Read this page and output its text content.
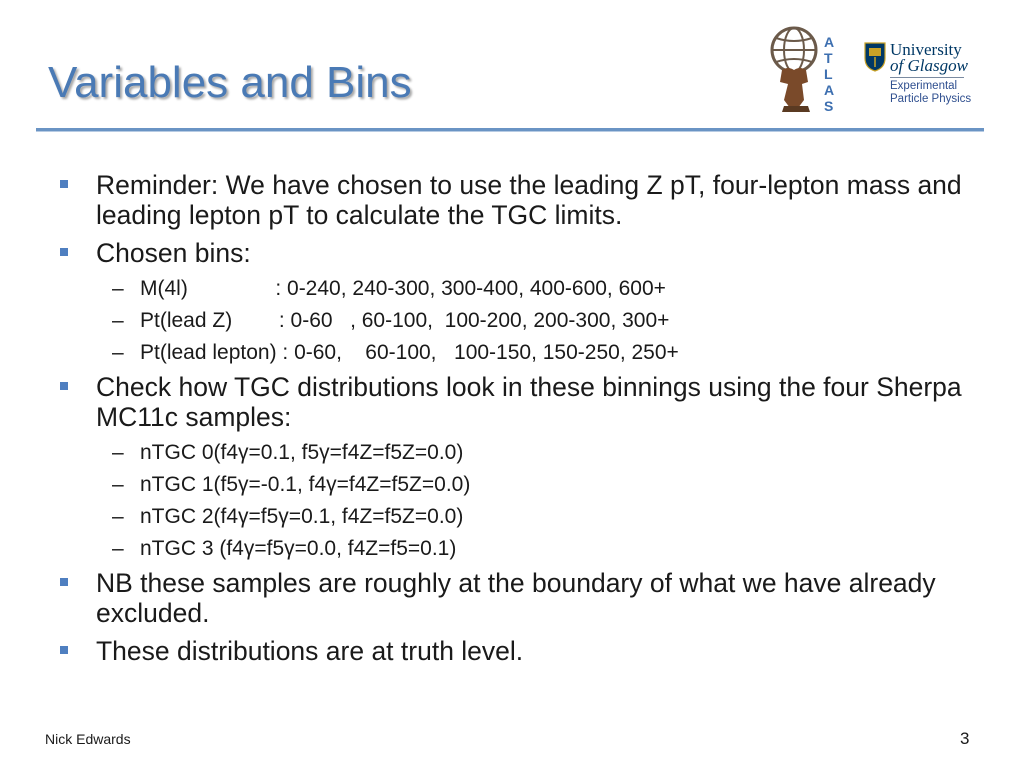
Variables and Bins
A
T
L
A
S
University
of Glasgow
Experimental
Particle Physics
Reminder: We have chosen to use the leading Z pT, four-lepton mass and leading lepton pT to calculate the TGC limits.
Chosen bins:
– M(4l)               : 0-240, 240-300, 300-400, 400-600, 600+
– Pt(lead Z)        : 0-60   , 60-100,  100-200, 200-300, 300+
– Pt(lead lepton) : 0-60,    60-100,   100-150, 150-250, 250+
Check how TGC distributions look in these binnings using the four Sherpa MC11c samples:
– nTGC 0(f4γ=0.1, f5γ=f4Z=f5Z=0.0)
– nTGC 1(f5γ=-0.1, f4γ=f4Z=f5Z=0.0)
– nTGC 2(f4γ=f5γ=0.1, f4Z=f5Z=0.0)
– nTGC 3 (f4γ=f5γ=0.0, f4Z=f5=0.1)
NB these samples are roughly at the boundary of what we have already excluded.
These distributions are at truth level.
Nick Edwards	3
